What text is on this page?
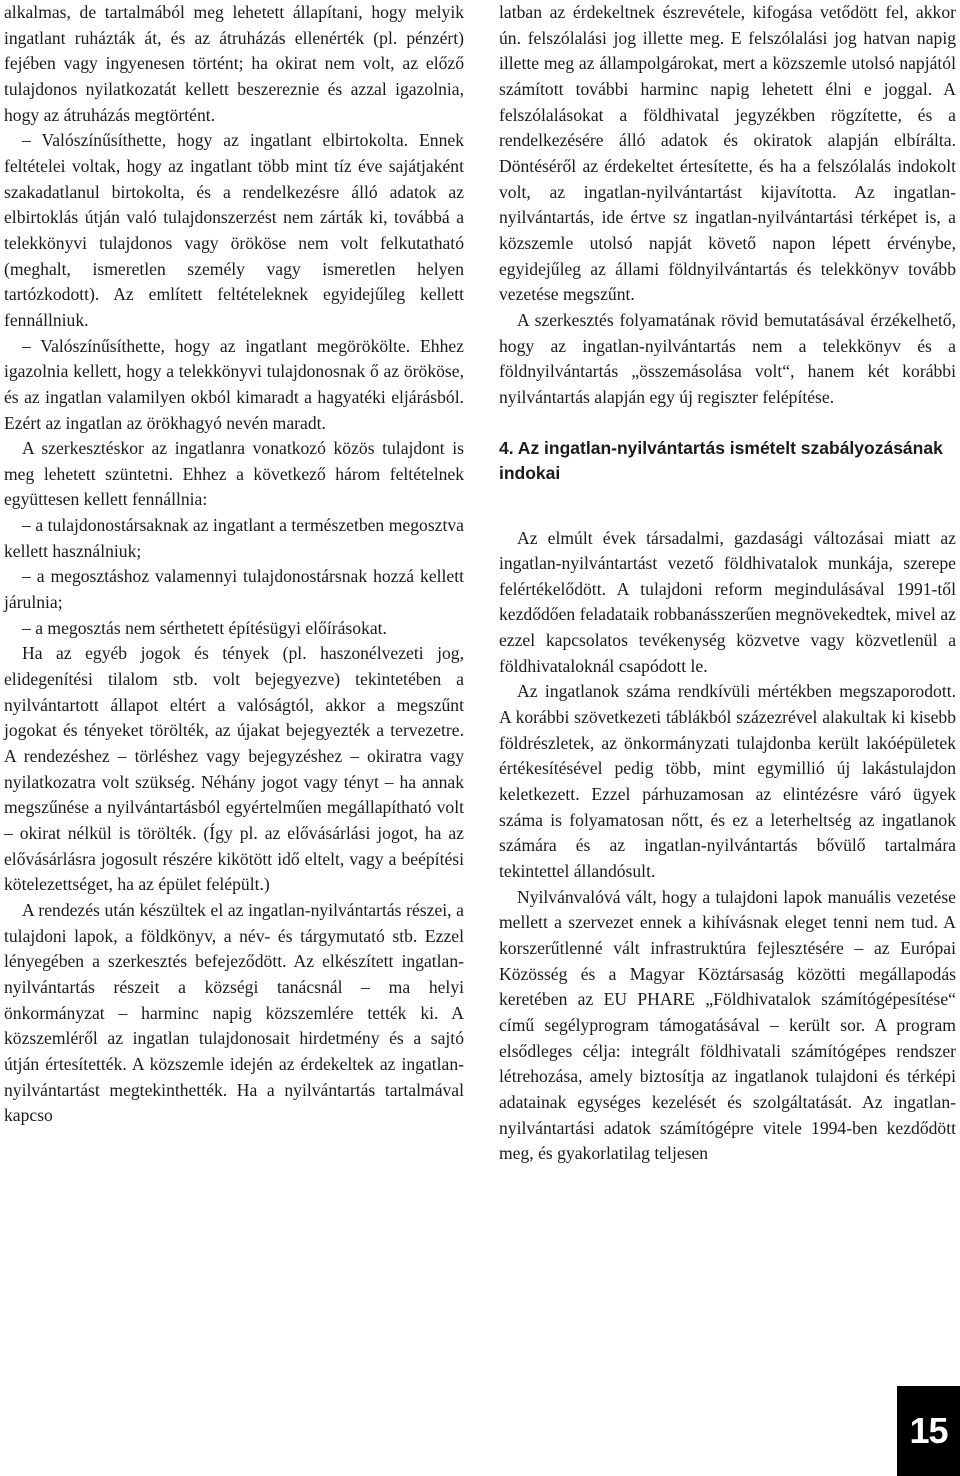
alkalmas, de tartalmából meg lehetett állapítani, hogy melyik ingatlant ruházták át, és az átruházás ellenérték (pl. pénzért) fejében vagy ingyenesen történt; ha okirat nem volt, az előző tulajdonos nyilatkozatát kellett beszereznie és azzal igazolnia, hogy az átruházás megtörtént.

– Valószínűsíthette, hogy az ingatlant elbirtokolta. Ennek feltételei voltak, hogy az ingatlant több mint tíz éve sajátjaként szakadatlanul birtokolta, és a rendelkezésre álló adatok az elbirtoklás útján való tulajdonszerzést nem zárták ki, továbbá a telekkönyvi tulajdonos vagy örököse nem volt felkutatható (meghalt, ismeretlen személy vagy ismeretlen helyen tartózkodott). Az említett feltételeknek egyidejűleg kellett fennállniuk.

– Valószínűsíthette, hogy az ingatlant megörökölte. Ehhez igazolnia kellett, hogy a telekkönyvi tulajdonosnak ő az örököse, és az ingatlan valamilyen okból kimaradt a hagyatéki eljárásból. Ezért az ingatlan az örökhagyó nevén maradt.

A szerkesztéskor az ingatlanra vonatkozó közös tulajdont is meg lehetett szüntetni. Ehhez a következő három feltételnek együttesen kellett fennállnia:

– a tulajdonostársaknak az ingatlant a természetben megosztva kellett használniuk;

– a megosztáshoz valamennyi tulajdonostársnak hozzá kellett járulnia;

– a megosztás nem sérthetett építésügyi előírásokat.

Ha az egyéb jogok és tények (pl. haszonélvezeti jog, elidegenítési tilalom stb. volt bejegyezve) tekintetében a nyilvántartott állapot eltért a valóságtól, akkor a megszűnt jogokat és tényeket törölték, az újakat bejegyezték a tervezetre. A rendezéshez – törléshez vagy bejegyzéshez – okiratra vagy nyilatkozatra volt szükség. Néhány jogot vagy tényt – ha annak megszűnése a nyilvántartásból egyértelműen megállapítható volt – okirat nélkül is törölték. (Így pl. az elővásárlási jogot, ha az elővásárlásra jogosult részére kikötött idő eltelt, vagy a beépítési kötelezettséget, ha az épület felépült.)

A rendezés után készültek el az ingatlan-nyilvántartás részei, a tulajdoni lapok, a földkönyv, a név- és tárgymutató stb. Ezzel lényegében a szerkesztés befejeződött. Az elkészített ingatlan-nyilvántartás részeit a községi tanácsnál – ma helyi önkormányzat – harminc napig közszemlére tették ki. A közszemléről az ingatlan tulajdonosait hirdetmény és a sajtó útján értesítették. A közszemle idején az érdekeltek az ingatlan-nyilvántartást megtekinthették. Ha a nyilvántartás tartalmával kapcso

latban az érdekeltnek észrevétele, kifogása vetődött fel, akkor ún. felszólalási jog illette meg. E felszólalási jog hatvan napig illette meg az állampolgárokat, mert a közszemle utolsó napjától számított további harminc napig lehetett élni e joggal. A felszólalásokat a földhivatal jegyzékben rögzítette, és a rendelkezésére álló adatok és okiratok alapján elbírálta. Döntéséről az érdekeltet értesítette, és ha a felszólalás indokolt volt, az ingatlan-nyilvántartást kijavította. Az ingatlan-nyilvántartás, ide értve sz ingatlan-nyilvántartási térképet is, a közszemle utolsó napját követő napon lépett érvénybe, egyidejűleg az állami földnyilvántartás és telekkönyv tovább vezetése megszűnt.

A szerkesztés folyamatának rövid bemutatásával érzékelhető, hogy az ingatlan-nyilvántartás nem a telekkönyv és a földnyilvántartás „összemásolása volt“, hanem két korábbi nyilvántartás alapján egy új regiszter felépítése.

4. Az ingatlan-nyilvántartás ismételt szabályozásának indokai

Az elmúlt évek társadalmi, gazdasági változásai miatt az ingatlan-nyilvántartást vezető földhivatalok munkája, szerepe felértékelődött. A tulajdoni reform megindulásával 1991-től kezdődően feladataik robbanásszerűen megnövekedtek, mivel az ezzel kapcsolatos tevékenység közvetve vagy közvetlenül a földhivataloknál csapódott le.

Az ingatlanok száma rendkívüli mértékben megszaporodott. A korábbi szövetkezeti táblákból százezrével alakultak ki kisebb földrészletek, az önkormányzati tulajdonba került lakóépületek értékesítésével pedig több, mint egymillió új lakástulajdon keletkezett. Ezzel párhuzamosan az elintézésre váró ügyek száma is folyamatosan nőtt, és ez a leterheltség az ingatlanok számára és az ingatlan-nyilvántartás bővülő tartalmára tekintettel állandósult.

Nyilvánvalóvá vált, hogy a tulajdoni lapok manuális vezetése mellett a szervezet ennek a kihívásnak eleget tenni nem tud. A korszerűtlenné vált infrastruktúra fejlesztésére – az Európai Közösség és a Magyar Köztársaság közötti megállapodás keretében az EU PHARE „Földhivatalok számítógépesítése“ című segélyprogram támogatásával – került sor. A program elsődleges célja: integrált földhivatali számítógépes rendszer létrehozása, amely biztosítja az ingatlanok tulajdoni és térképi adatainak egységes kezelését és szolgáltatását. Az ingatlan-nyilvántartási adatok számítógépre vitele 1994-ben kezdődött meg, és gyakorlatilag teljesen

15
